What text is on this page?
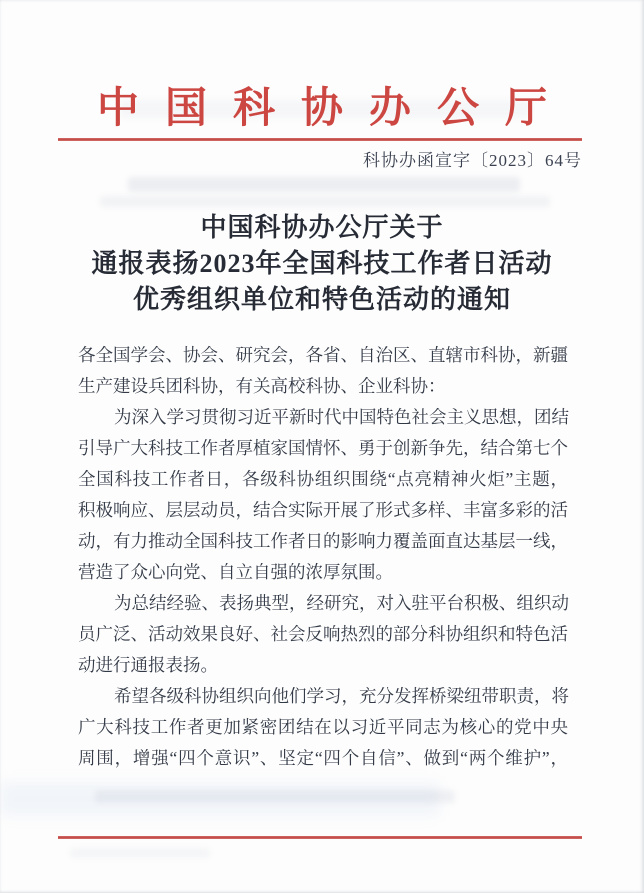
中国科协办公厅
科协办函宣字〔2023〕64号
中国科协办公厅关于
通报表扬2023年全国科技工作者日活动
优秀组织单位和特色活动的通知
各全国学会、协会、研究会，各省、自治区、直辖市科协，新疆
生产建设兵团科协，有关高校科协、企业科协：
为深入学习贯彻习近平新时代中国特色社会主义思想，团结
引导广大科技工作者厚植家国情怀、勇于创新争先，结合第七个
全国科技工作者日，各级科协组织围绕“点亮精神火炬”主题，
积极响应、层层动员，结合实际开展了形式多样、丰富多彩的活
动，有力推动全国科技工作者日的影响力覆盖面直达基层一线，
营造了众心向党、自立自强的浓厚氛围。
为总结经验、表扬典型，经研究，对入驻平台积极、组织动
员广泛、活动效果良好、社会反响热烈的部分科协组织和特色活
动进行通报表扬。
希望各级科协组织向他们学习，充分发挥桥梁纽带职责，将
广大科技工作者更加紧密团结在以习近平同志为核心的党中央
周围，增强“四个意识”、坚定“四个自信”、做到“两个维护”，
